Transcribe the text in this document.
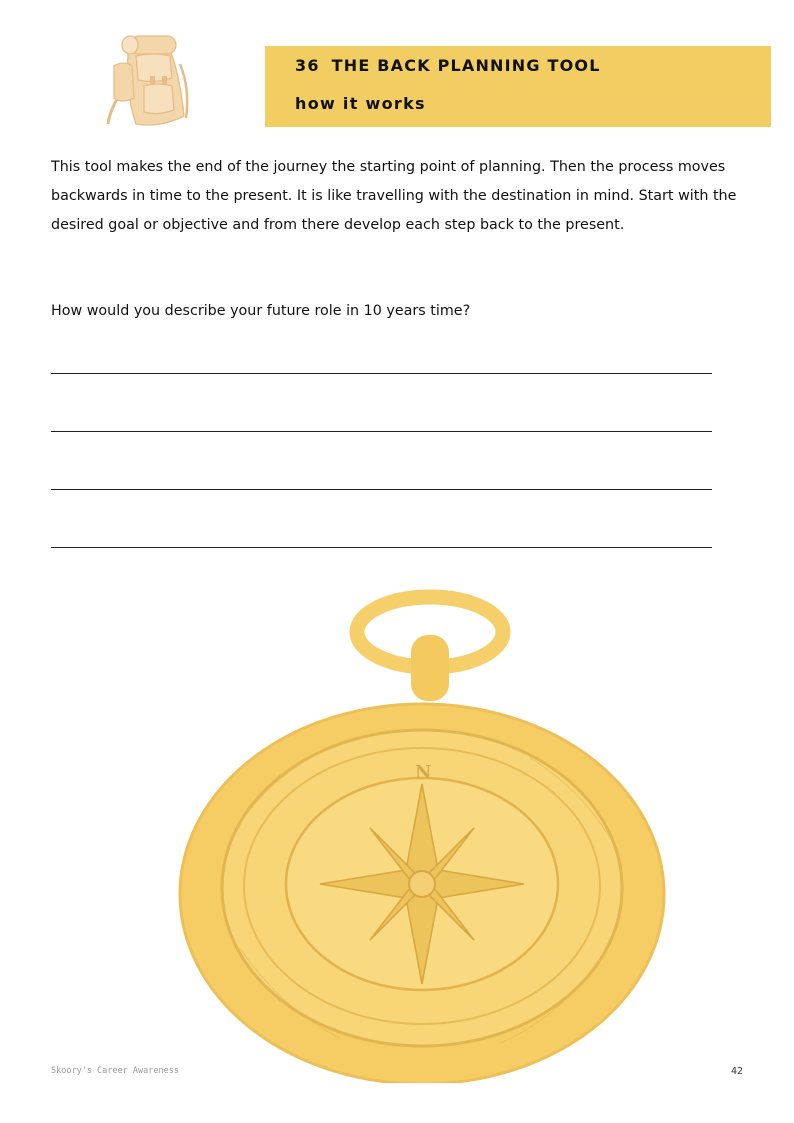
36 THE BACK PLANNING TOOL
how it works

This tool makes the end of the journey the starting point of planning. Then the process moves backwards in time to the present. It is like travelling with the destination in mind. Start with the desired goal or objective and from there develop each step back to the present.

How would you describe your future role in 10 years time?

N
Skoory's Career Awareness	42
